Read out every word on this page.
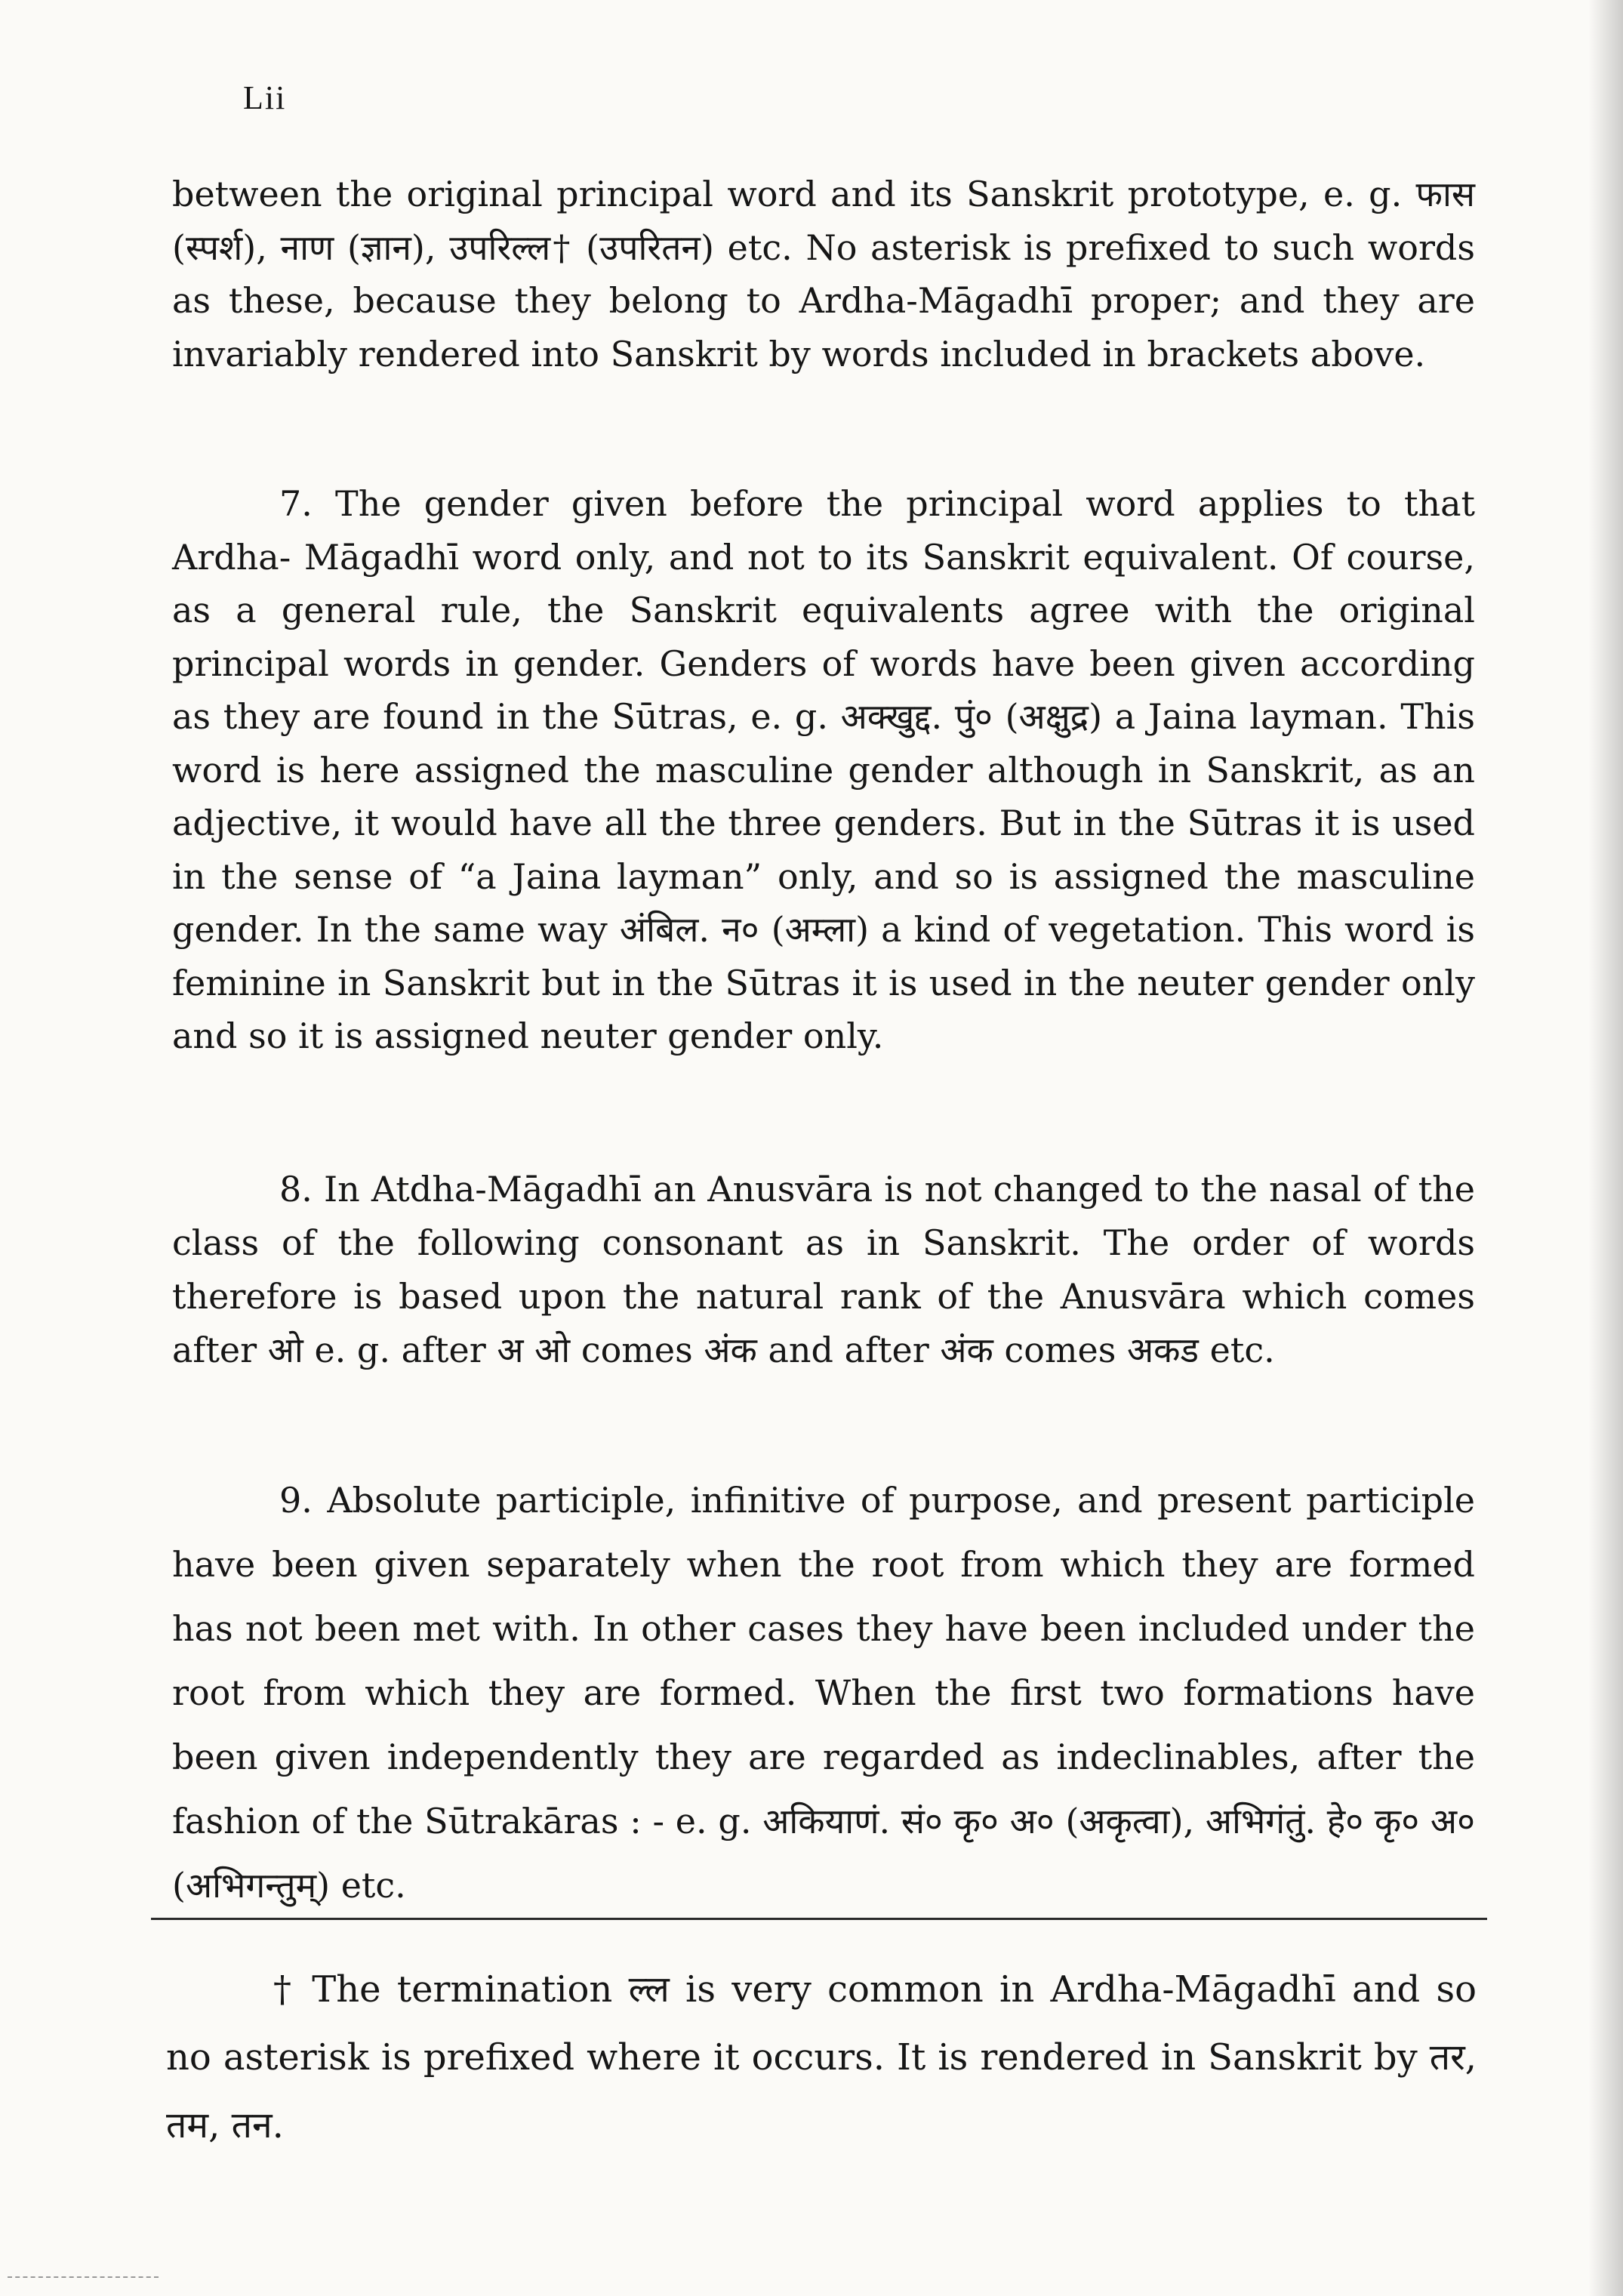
Lii

between the original principal word and its Sanskrit prototype, e. g. फास (स्पर्श), नाण (ज्ञान), उपरिल्ल† (उपरितन) etc. No asterisk is prefixed to such words as these, because they belong to Ardha-Māgadhī proper; and they are invariably rendered into Sanskrit by words included in brackets above.

7. The gender given before the principal word applies to that Ardha- Māgadhī word only, and not to its Sanskrit equivalent. Of course, as a general rule, the Sanskrit equivalents agree with the original principal words in gender. Genders of words have been given according as they are found in the Sūtras, e. g. अक्खुद्द. पुं० (अक्षुद्र) a Jaina layman. This word is here assigned the masculine gender although in Sanskrit, as an adjective, it would have all the three genders. But in the Sūtras it is used in the sense of “a Jaina layman” only, and so is assigned the masculine gender. In the same way अंबिल. न० (अम्ला) a kind of vegetation. This word is feminine in Sanskrit but in the Sūtras it is used in the neuter gender only and so it is assigned neuter gender only.

8. In Atdha-Māgadhī an Anusvāra is not changed to the nasal of the class of the following consonant as in Sanskrit. The order of words therefore is based upon the natural rank of the Anusvāra which comes after ओ e. g. after अ ओ comes अंक and after अंक comes अकड etc.

9. Absolute participle, infinitive of purpose, and present participle have been given separately when the root from which they are formed has not been met with. In other cases they have been included under the root from which they are formed. When the first two formations have been given independently they are regarded as indeclinables, after the fashion of the Sūtrakāras : - e. g. अकियाणं. सं० कृ० अ० (अकृत्वा), अभिगंतुं. हे० कृ० अ० (अभिगन्तुम्) etc.

† The termination ल्ल is very common in Ardha-Māgadhī and so no asterisk is prefixed where it occurs. It is rendered in Sanskrit by तर, तम, तन.
